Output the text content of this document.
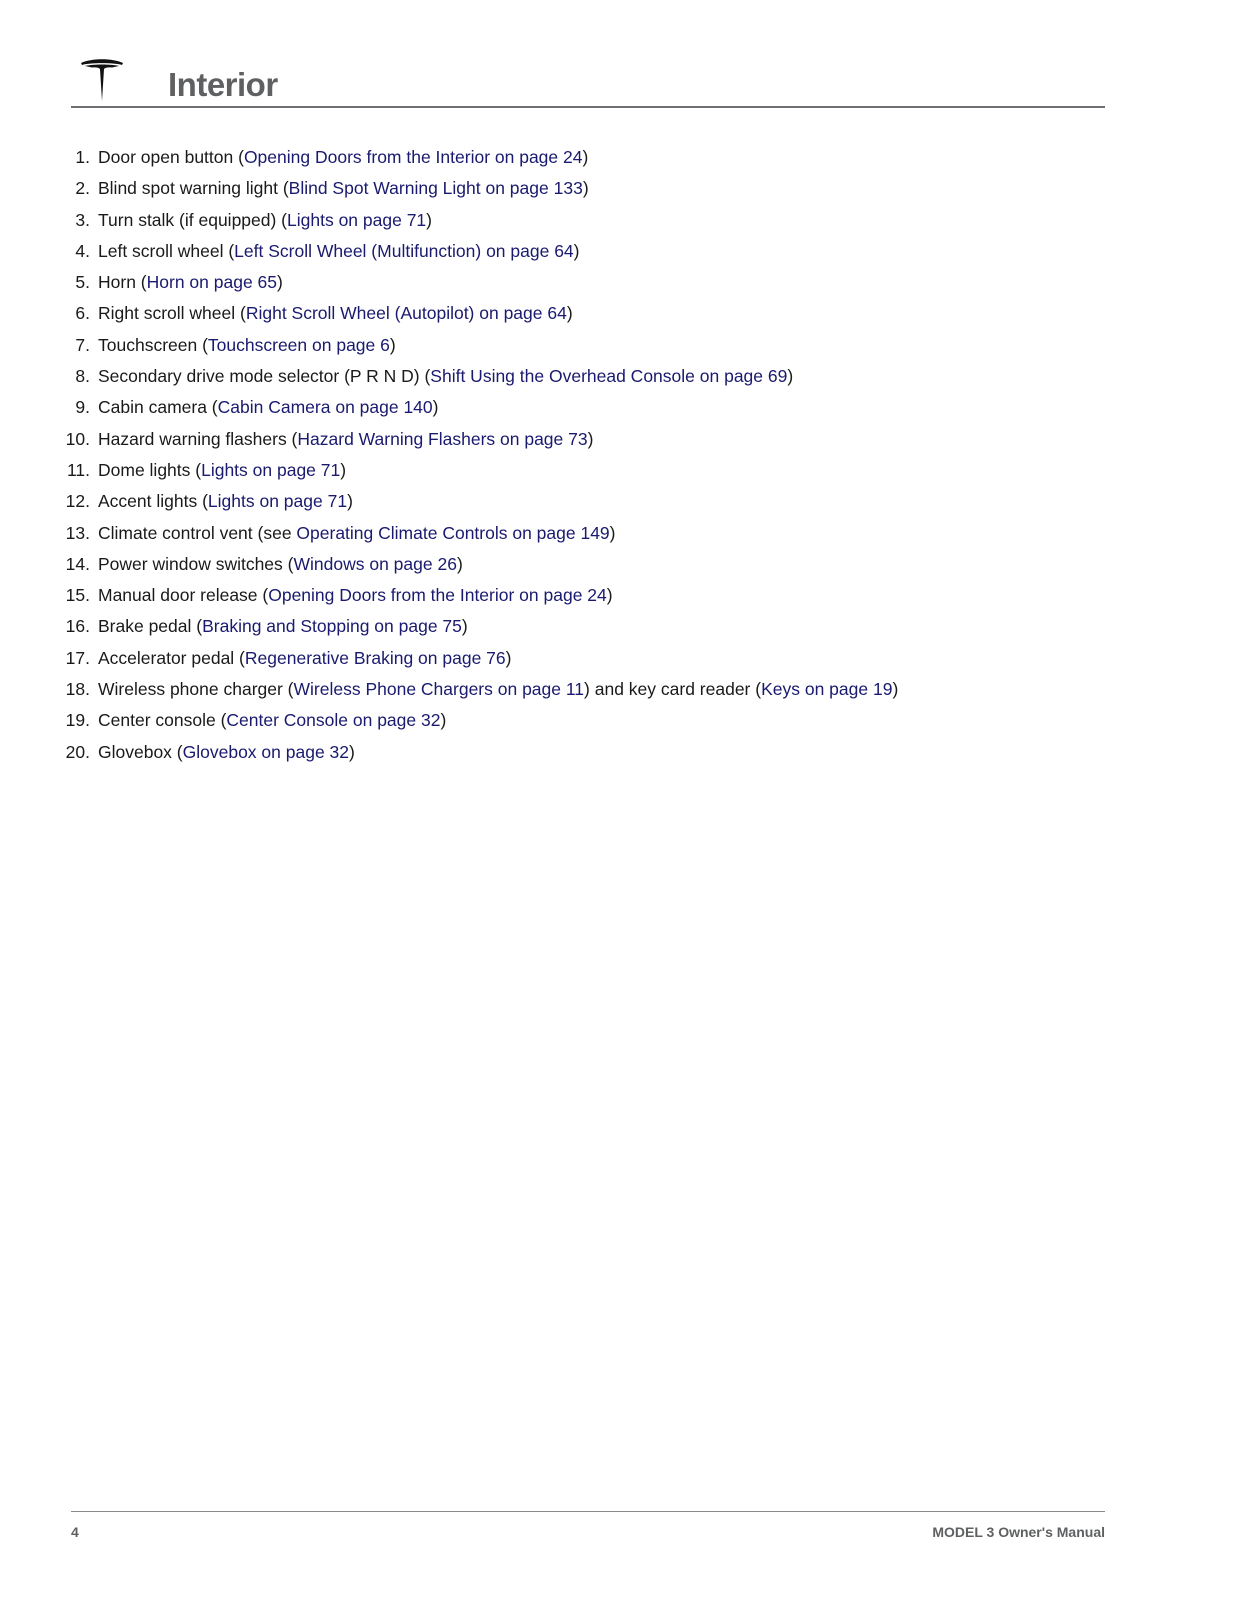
Interior
1. Door open button (Opening Doors from the Interior on page 24)
2. Blind spot warning light (Blind Spot Warning Light on page 133)
3. Turn stalk (if equipped) (Lights on page 71)
4. Left scroll wheel (Left Scroll Wheel (Multifunction) on page 64)
5. Horn (Horn on page 65)
6. Right scroll wheel (Right Scroll Wheel (Autopilot) on page 64)
7. Touchscreen (Touchscreen on page 6)
8. Secondary drive mode selector (P R N D) (Shift Using the Overhead Console on page 69)
9. Cabin camera (Cabin Camera on page 140)
10. Hazard warning flashers (Hazard Warning Flashers on page 73)
11. Dome lights (Lights on page 71)
12. Accent lights (Lights on page 71)
13. Climate control vent (see Operating Climate Controls on page 149)
14. Power window switches (Windows on page 26)
15. Manual door release (Opening Doors from the Interior on page 24)
16. Brake pedal (Braking and Stopping on page 75)
17. Accelerator pedal (Regenerative Braking on page 76)
18. Wireless phone charger (Wireless Phone Chargers on page 11) and key card reader (Keys on page 19)
19. Center console (Center Console on page 32)
20. Glovebox (Glovebox on page 32)
4	MODEL 3 Owner's Manual
